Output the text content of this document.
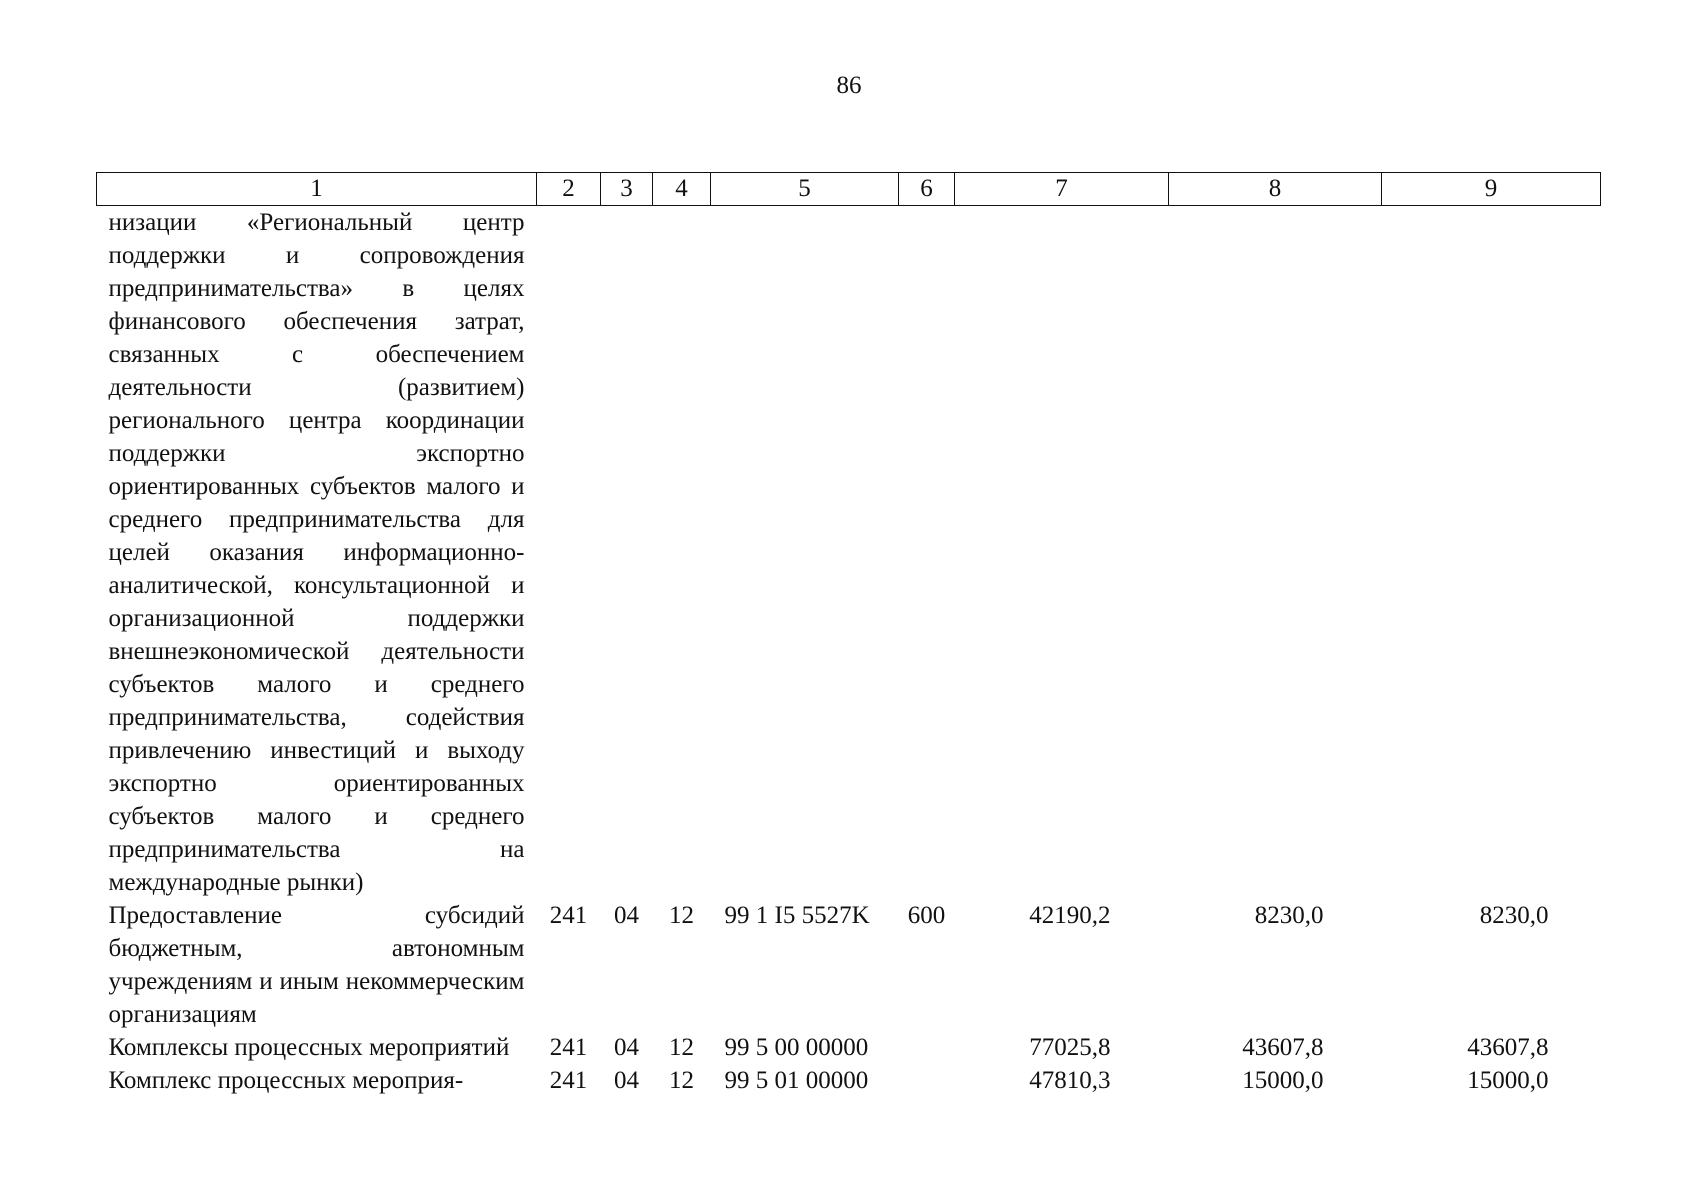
86
1	2	3	4	5	6	7	8	9
низации «Региональный центр поддержки и сопровождения предпринимательства» в целях финансового обеспечения затрат, связанных с обеспечением деятельности (развитием) регионального центра координации поддержки экспортно ориентированных субъектов малого и среднего предпринимательства для целей оказания информационно-аналитической, консультационной и организационной поддержки внешнеэкономической деятельности субъектов малого и среднего предпринимательства, содействия привлечению инвестиций и выходу экспортно ориентированных субъектов малого и среднего предпринимательства на международные рынки)								
Предоставление субсидий бюджетным, автономным учреждениям и иным некоммерческим организациям	241	04	12	99 1 I5 5527K	600	42190,2	8230,0	8230,0
Комплексы процессных мероприятий	241	04	12	99 5 00 00000		77025,8	43607,8	43607,8
Комплекс процессных мероприя-	241	04	12	99 5 01 00000		47810,3	15000,0	15000,0
